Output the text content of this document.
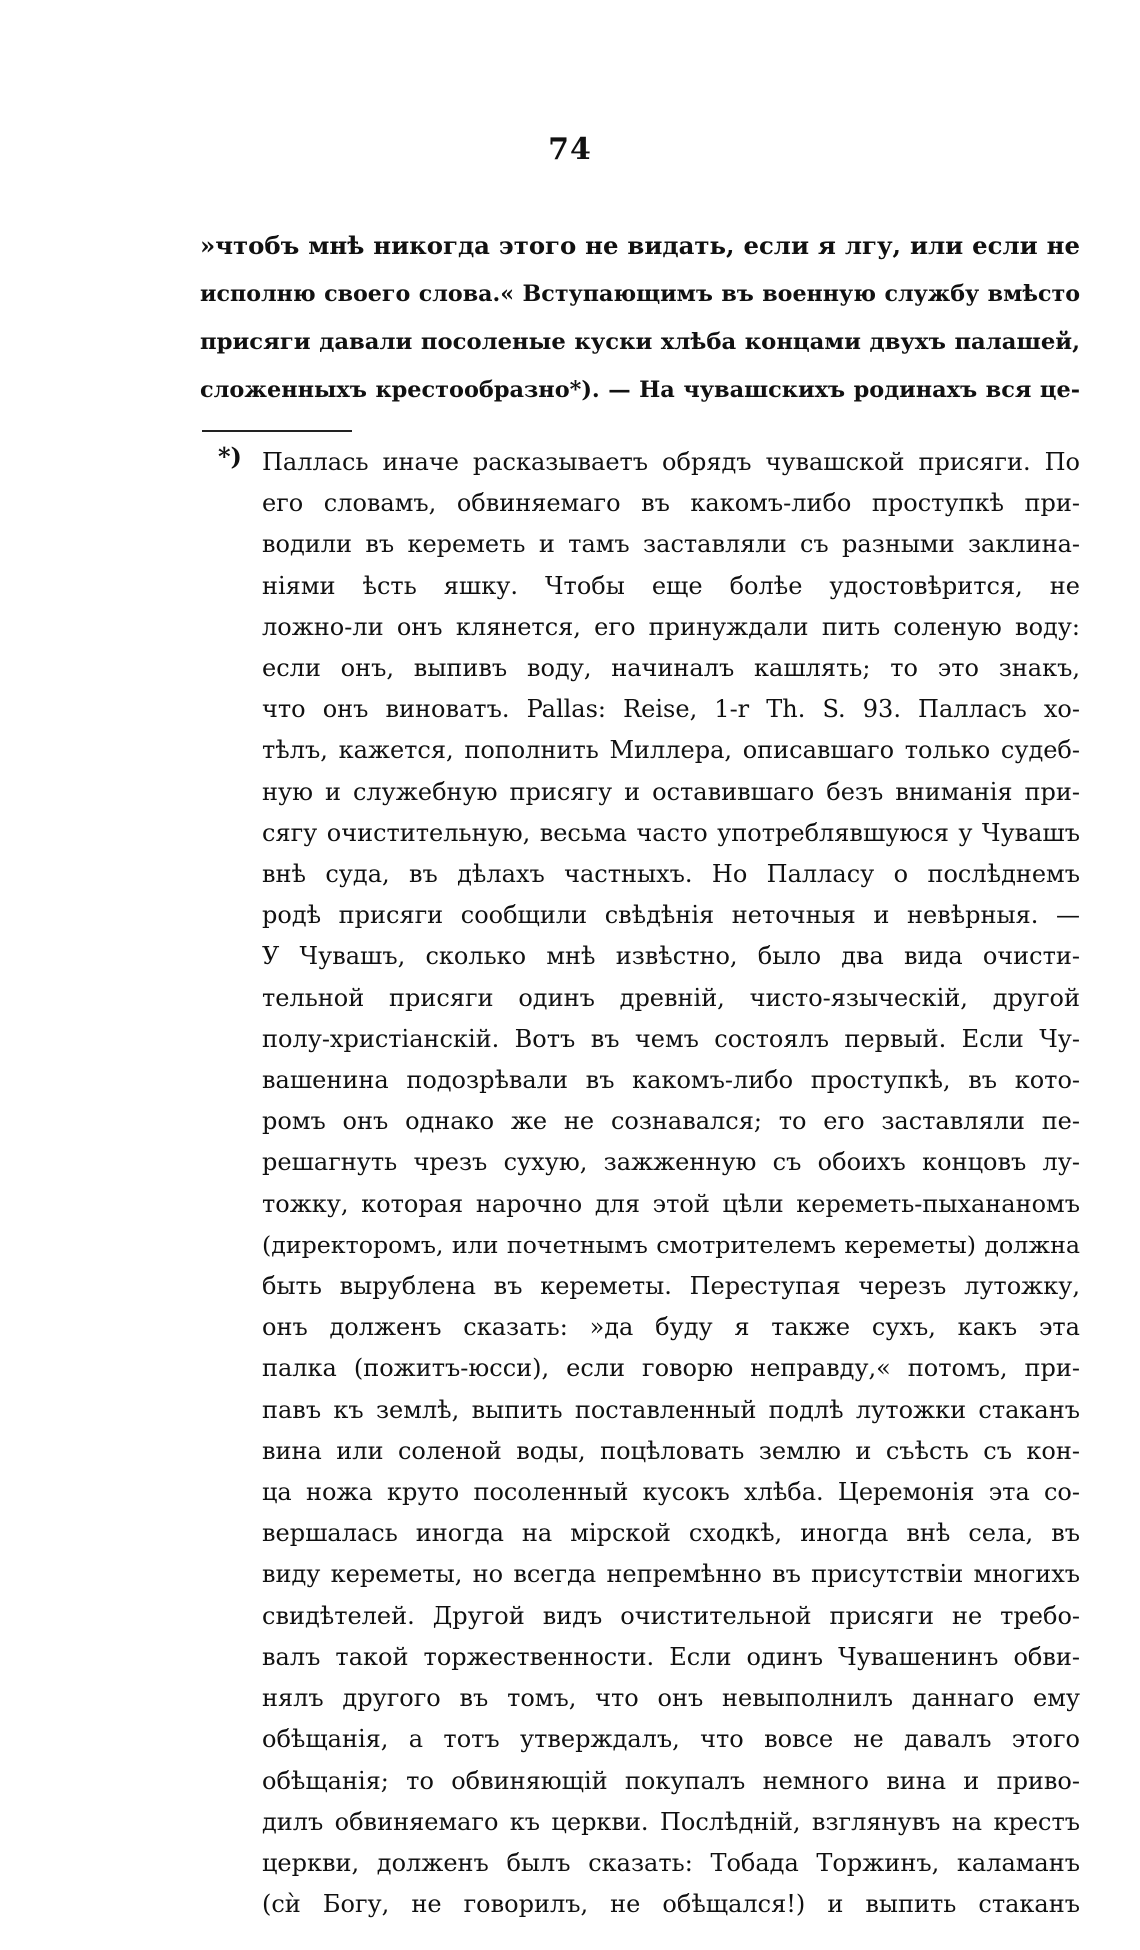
74
»чтобъ мнѣ никогда этого не видать, если я лгу, или если не
исполню своего слова.« Вступающимъ въ военную службу вмѣсто
присяги давали посоленые куски хлѣба концами двухъ палашей,
сложенныхъ крестообразно*). — На чувашскихъ родинахъ вся це-
*) Паллась иначе расказываетъ обрядъ чувашской присяги. По
его словамъ, обвиняемаго въ какомъ-либо проступкѣ при-
водили въ кереметь и тамъ заставляли съ разными заклина-
ніями ѣсть яшку. Чтобы еще болѣе удостовѣрится, не
ложно-ли онъ клянется, его принуждали пить соленую воду:
если онъ, выпивъ воду, начиналъ кашлять; то это знакъ,
что онъ виноватъ. Pallas: Reise, 1-r Th. S. 93. Палласъ хо-
тѣлъ, кажется, пополнить Миллера, описавшаго только судеб-
ную и служебную присягу и оставившаго безъ вниманія при-
сягу очистительную, весьма часто употреблявшуюся у Чувашъ
внѣ суда, въ дѣлахъ частныхъ. Но Палласу о послѣднемъ
родѣ присяги сообщили свѣдѣнія неточныя и невѣрныя. —
У Чувашъ, сколько мнѣ извѣстно, было два вида очисти-
тельной присяги одинъ древній, чисто-языческій, другой
полу-христіанскій. Вотъ въ чемъ состоялъ первый. Если Чу-
вашенина подозрѣвали въ какомъ-либо проступкѣ, въ кото-
ромъ онъ однако же не сознавался; то его заставляли пе-
решагнуть чрезъ сухую, зажженную съ обоихъ концовъ лу-
тожку, которая нарочно для этой цѣли кереметь-пыхананомъ
(директоромъ, или почетнымъ смотрителемъ кереметы) должна
быть вырублена въ кереметы. Переступая черезъ лутожку,
онъ долженъ сказать: »да буду я также сухъ, какъ эта
палка (пожитъ-юсси), если говорю неправду,« потомъ, при-
павъ къ землѣ, выпить поставленный подлѣ лутожки стаканъ
вина или соленой воды, поцѣловать землю и съѣсть съ кон-
ца ножа круто посоленный кусокъ хлѣба. Церемонія эта со-
вершалась иногда на мірской сходкѣ, иногда внѣ села, въ
виду кереметы, но всегда непремѣнно въ присутствіи многихъ
свидѣтелей. Другой видъ очистительной присяги не требо-
валъ такой торжественности. Если одинъ Чувашенинъ обви-
нялъ другого въ томъ, что онъ невыполнилъ даннаго ему
обѣщанія, а тотъ утверждалъ, что вовсе не давалъ этого
обѣщанія; то обвиняющій покупалъ немного вина и приво-
дилъ обвиняемаго къ церкви. Послѣдній, взглянувъ на крестъ
церкви, долженъ былъ сказать: Тобада Торжинъ, каламанъ
(сѝ Богу, не говорилъ, не обѣщался!) и выпить стаканъ
